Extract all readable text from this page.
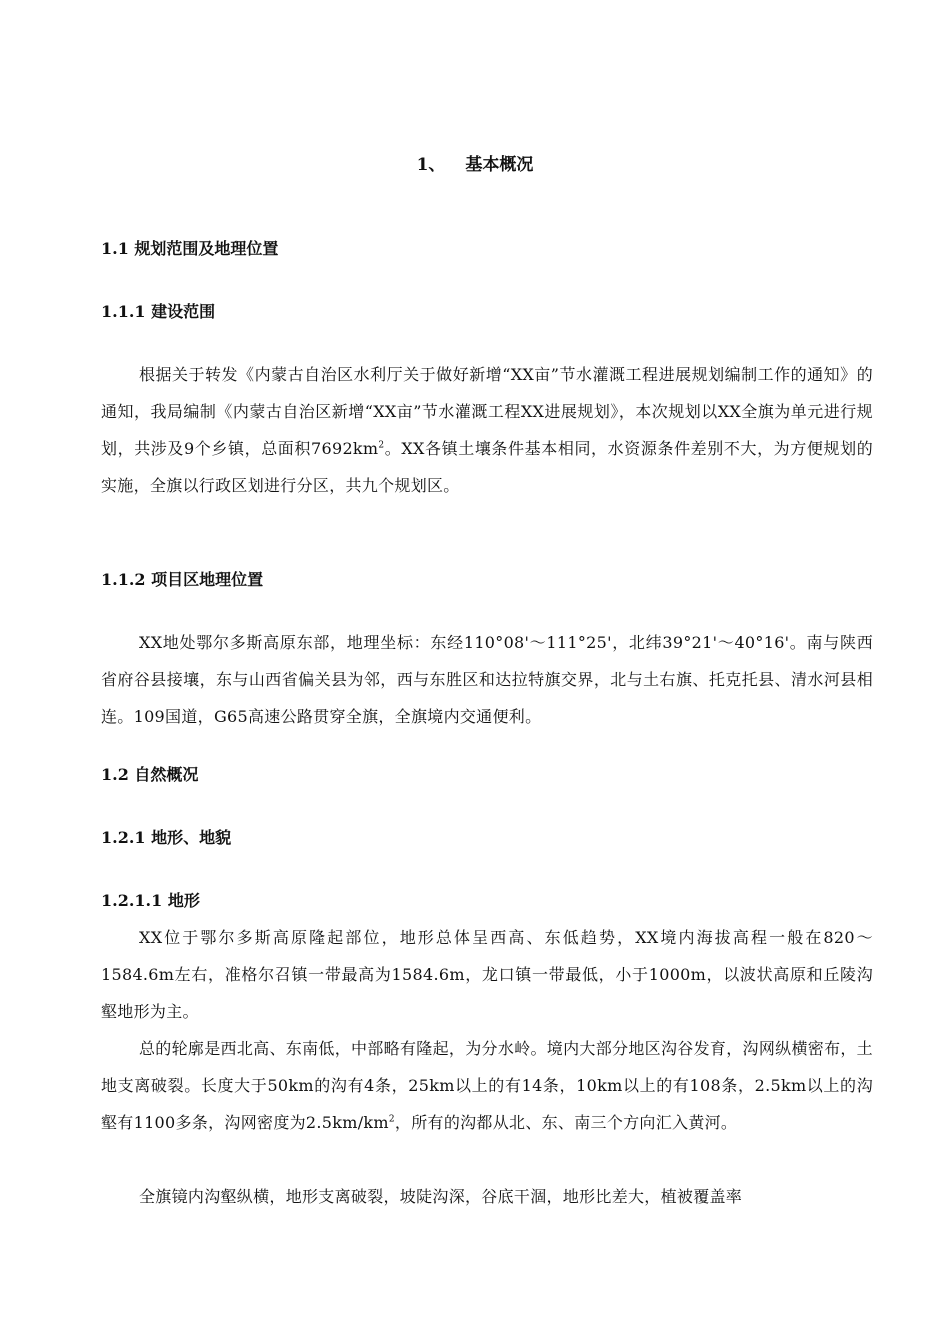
1、 基本概况
1.1 规划范围及地理位置
1.1.1 建设范围

根据关于转发《内蒙古自治区水利厅关于做好新增“XX亩”节水灌溉工程进展规划编制工作的通知》的通知，我局编制《内蒙古自治区新增“XX亩”节水灌溉工程XX进展规划》，本次规划以XX全旗为单元进行规划，共涉及9个乡镇，总面积$7692km^2$。XX各镇土壤条件基本相同，水资源条件差别不大，为方便规划的实施，全旗以行政区划进行分区，共九个规划区。

1.1.2 项目区地理位置

XX地处鄂尔多斯高原东部，地理坐标：东经110°08'～111°25'，北纬39°21'～40°16'。南与陕西省府谷县接壤，东与山西省偏关县为邻，西与东胜区和达拉特旗交界，北与土右旗、托克托县、清水河县相连。109国道，G65高速公路贯穿全旗，全旗境内交通便利。

1.2 自然概况
1.2.1 地形、地貌
1.2.1.1 地形

XX位于鄂尔多斯高原隆起部位，地形总体呈西高、东低趋势，XX境内海拔高程一般在820～1584.6m左右，准格尔召镇一带最高为1584.6m，龙口镇一带最低，小于1000m，以波状高原和丘陵沟壑地形为主。

总的轮廓是西北高、东南低，中部略有隆起，为分水岭。境内大部分地区沟谷发育，沟网纵横密布，土地支离破裂。长度大于50km的沟有4条，25km以上的有14条，10km以上的有108条，2.5km以上的沟壑有1100多条，沟网密度为$2.5km/km^2$，所有的沟都从北、东、南三个方向汇入黄河。

全旗镜内沟壑纵横，地形支离破裂，坡陡沟深，谷底干涸，地形比差大，植被覆盖率
